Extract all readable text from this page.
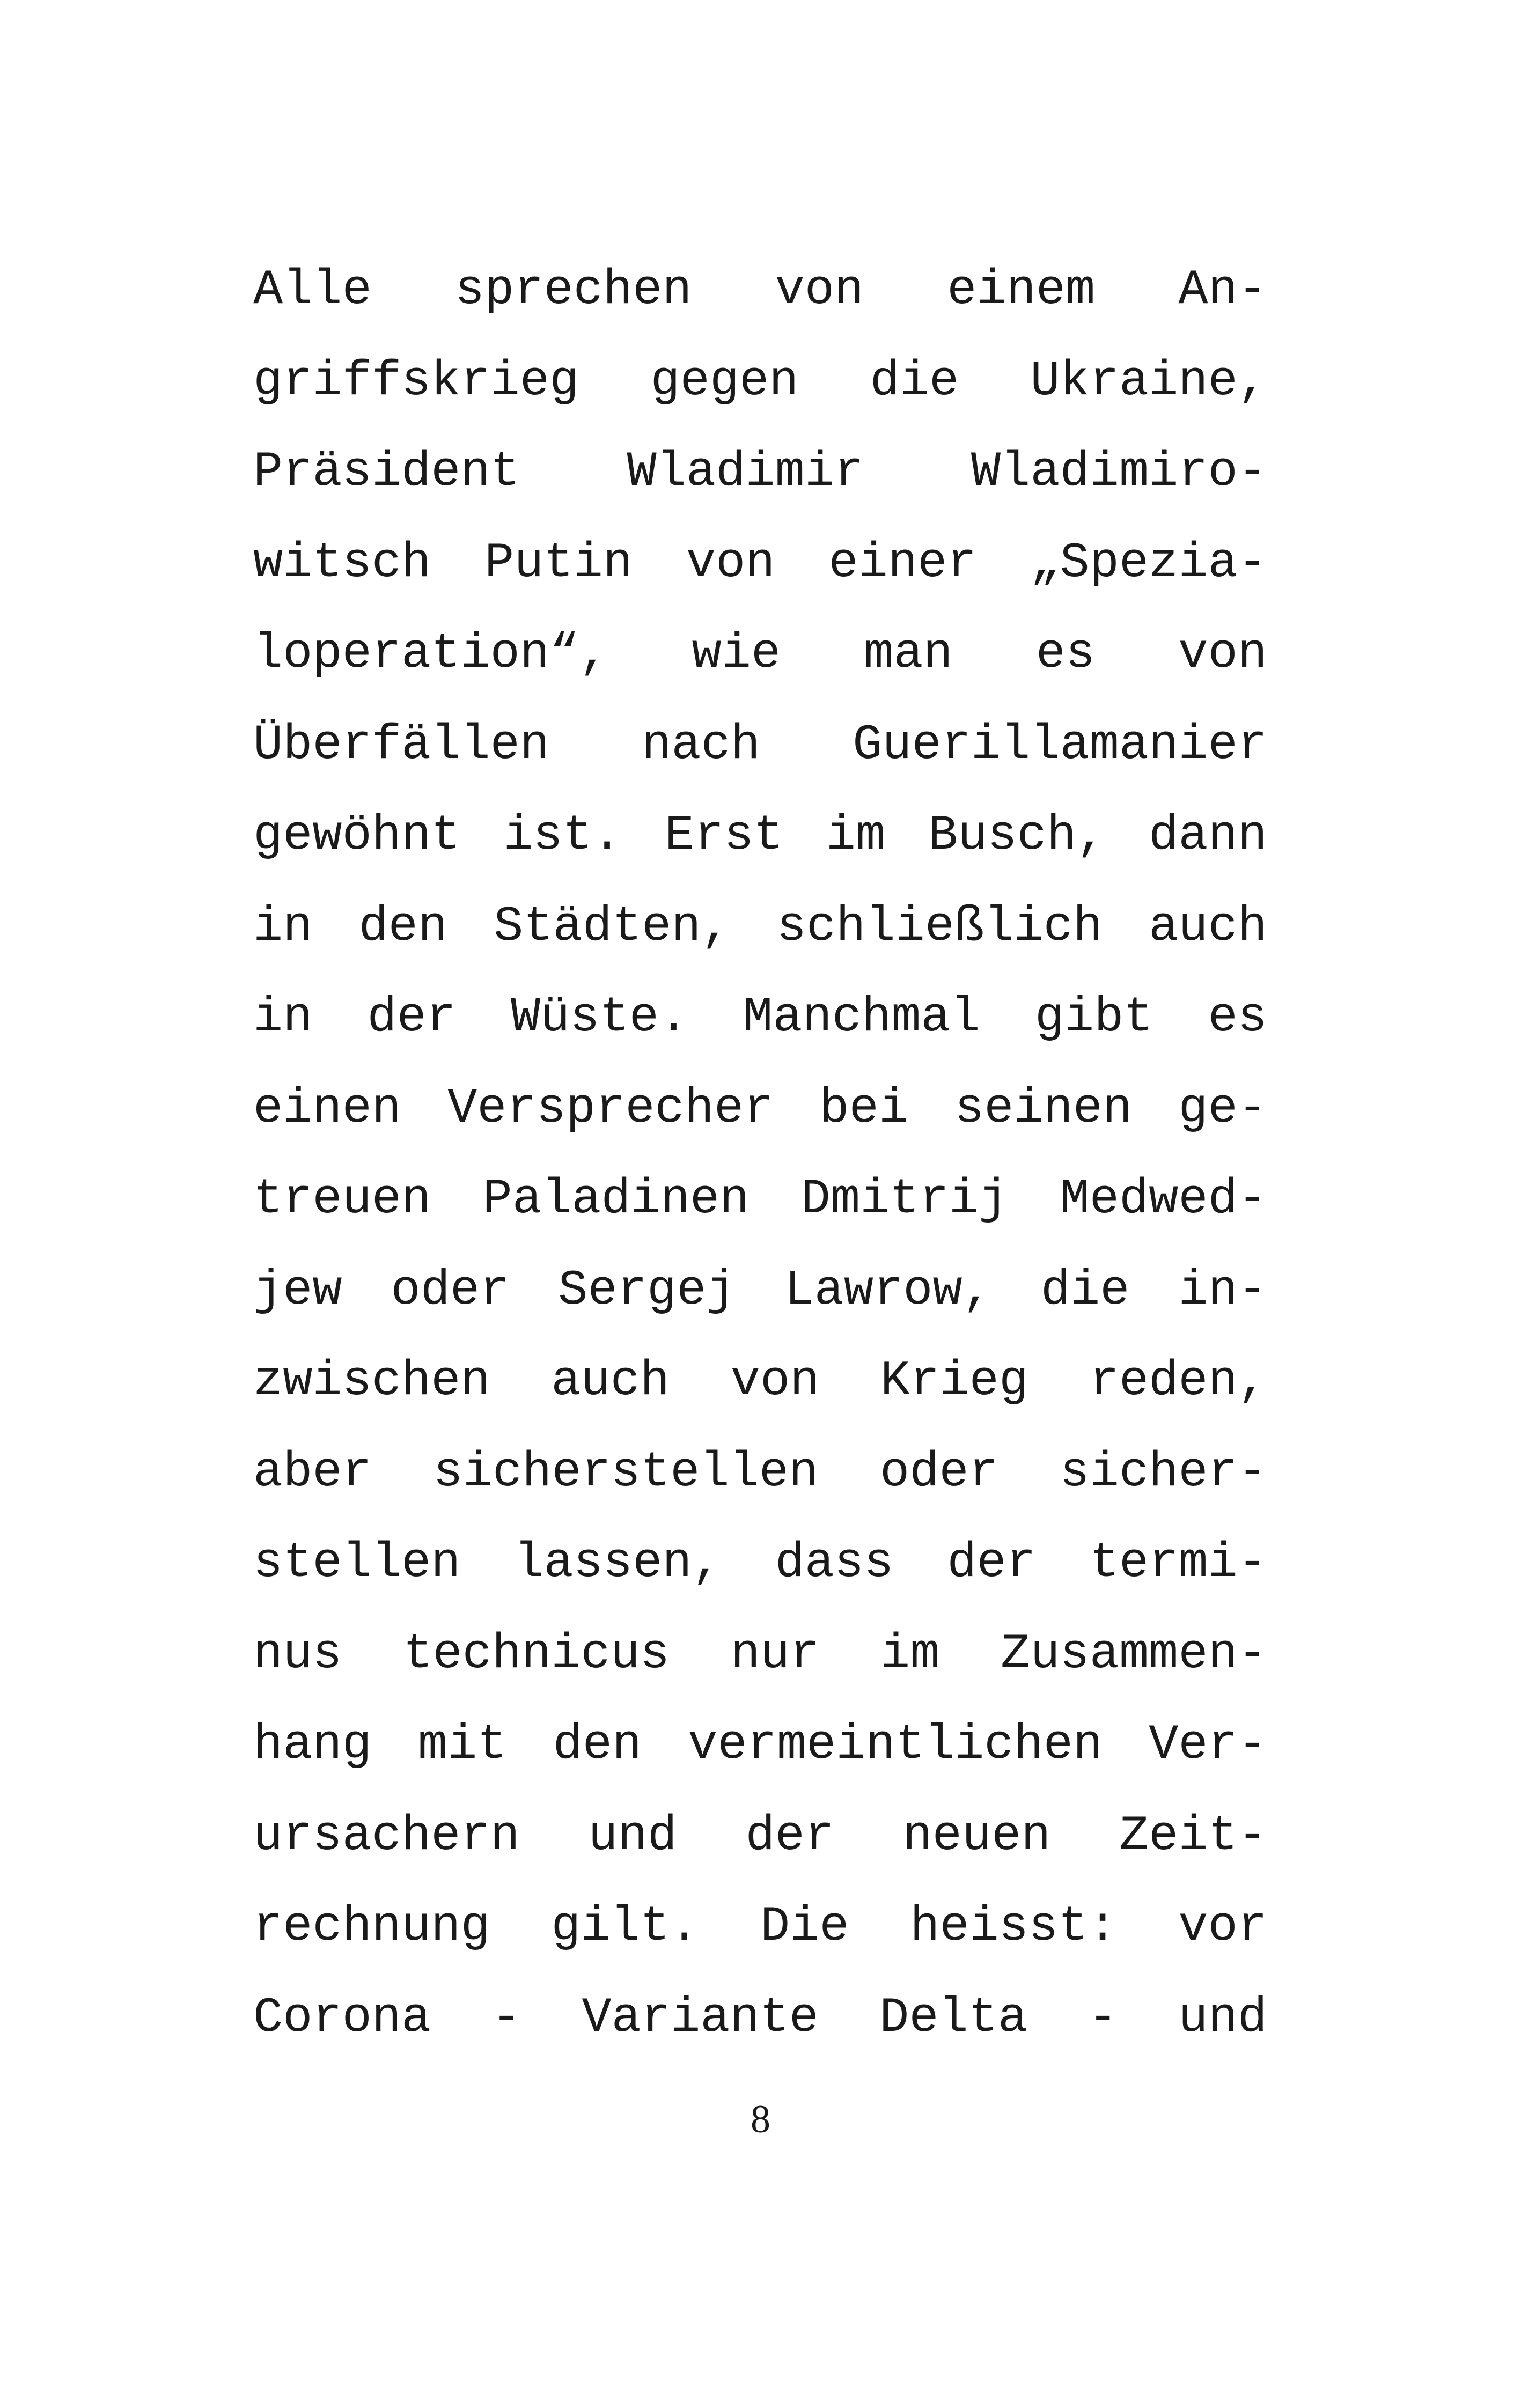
Alle sprechen von einem An-
griffskrieg gegen die Ukraine,
Präsident Wladimir Wladimiro-
witsch Putin von einer „Spezia-
loperation“, wie man es von
Überfällen nach Guerillamanier
gewöhnt ist. Erst im Busch, dann
in den Städten, schließlich auch
in der Wüste. Manchmal gibt es
einen Versprecher bei seinen ge-
treuen Paladinen Dmitrij Medwed-
jew oder Sergej Lawrow, die in-
zwischen auch von Krieg reden,
aber sicherstellen oder sicher-
stellen lassen, dass der termi-
nus technicus nur im Zusammen-
hang mit den vermeintlichen Ver-
ursachern und der neuen Zeit-
rechnung gilt. Die heisst: vor
Corona - Variante Delta - und
8
